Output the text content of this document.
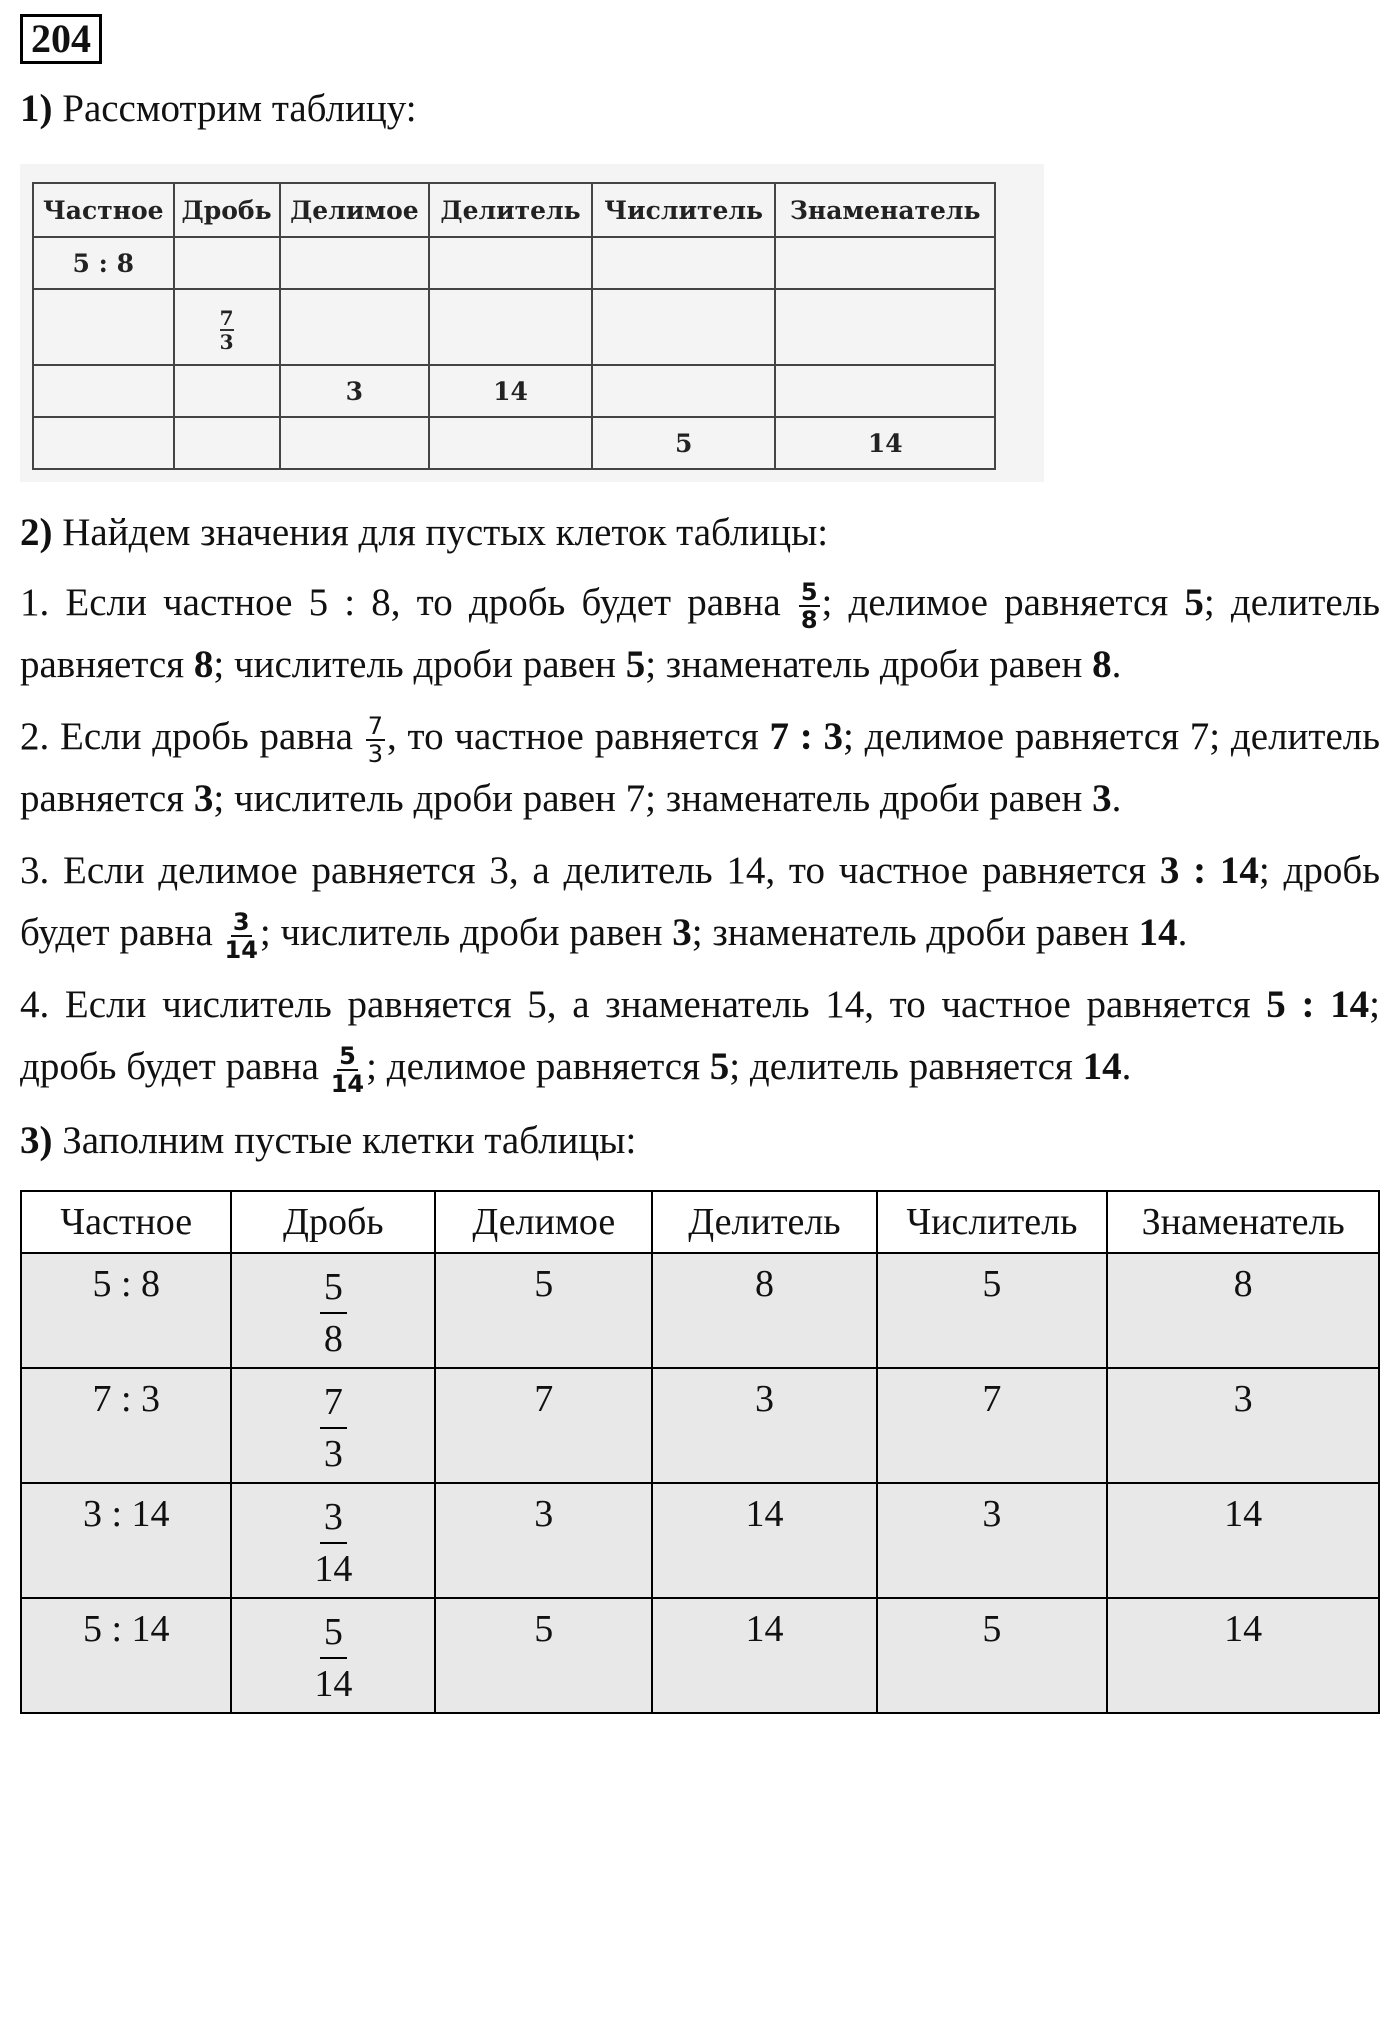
204

1) Рассмотрим таблицу:

Частное	Дробь	Делимое	Делитель	Числитель	Знаменатель
5 : 8					

	$\frac{7}{3}$

		3	14		
				5	14

2) Найдем значения для пустых клеток таблицы:

1. Если частное 5 : 8, то дробь будет равна $\frac{5}{8}$ ; делимое равняется 5; делитель равняется 8; числитель дроби равен 5; знаменатель дроби равен 8.

2. Если дробь равна $\frac{7}{3}$ , то частное равняется 7 : 3; делимое равняется 7; делитель равняется 3; числитель дроби равен 7; знаменатель дроби равен 3.

3. Если делимое равняется 3, а делитель 14, то частное равняется 3 : 14; дробь будет равна $\frac{3}{14}$ ; числитель дроби равен 3; знаменатель дроби равен 14.

4. Если числитель равняется 5, а знаменатель 14, то частное равняется 5 : 14; дробь будет равна $\frac{5}{14}$ ; делимое равняется 5; делитель равняется 14.

3) Заполним пустые клетки таблицы:

Частное	Дробь	Делимое	Делитель	Числитель	Знаменатель
5 : 8	$\frac{5}{8}$	5	8	5	8
7 : 3	$\frac{7}{3}$	7	3	7	3
3 : 14	$\frac{3}{14}$	3	14	3	14
5 : 14	$\frac{5}{14}$	5	14	5	14
